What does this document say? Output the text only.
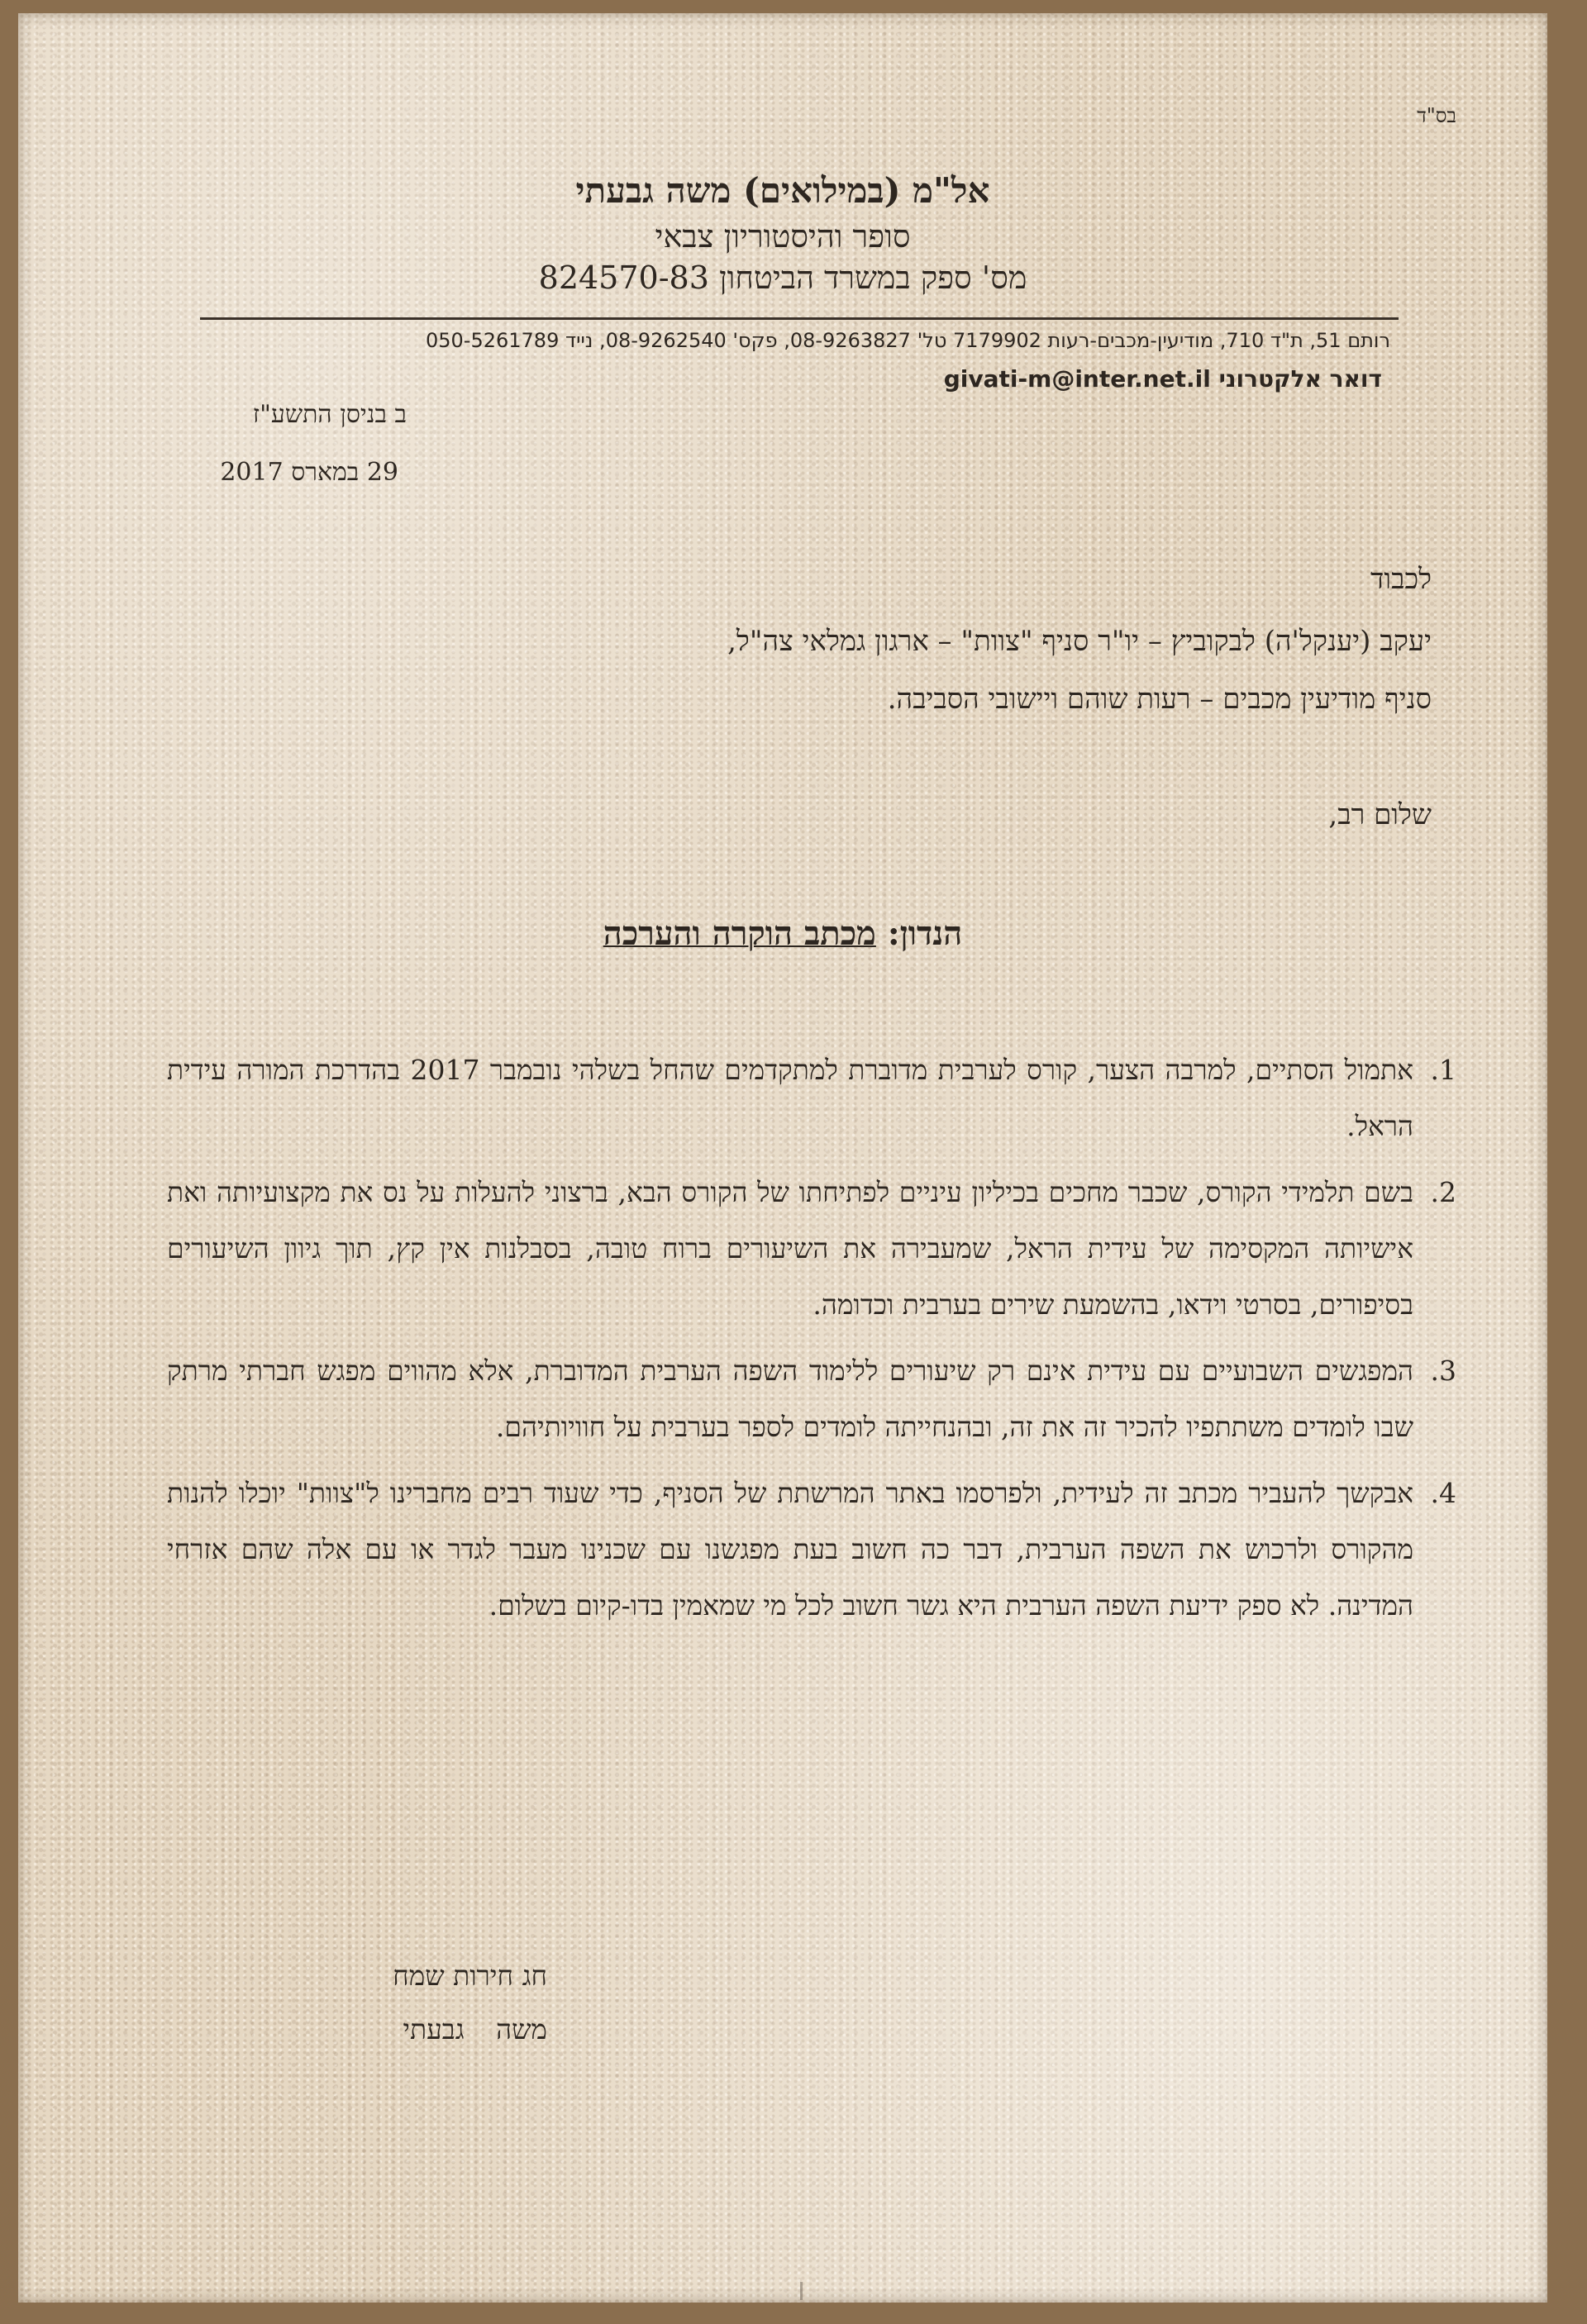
בס"ד
אל"מ (במילואים) משה גבעתי
סופר והיסטוריון צבאי
מס' ספק במשרד הביטחון 824570-83
רותם 51, ת"ד 710, מודיעין-מכבים-רעות 7179902 טל' 08-9263827, פקס' 08-9262540, נייד 050-5261789
דואר אלקטרוני givati-m@inter.net.il
ב בניסן התשע"ז
29 במארס 2017
לכבוד
יעקב (יענקל'ה) לבקוביץ – יו"ר סניף "צוות" – ארגון גמלאי צה"ל,
סניף מודיעין מכבים – רעות שוהם ויישובי הסביבה.
שלום רב,
הנדון: מכתב הוקרה והערכה
1.
אתמול הסתיים, למרבה הצער, קורס לערבית מדוברת למתקדמים שהחל בשלהי נובמבר 2017 בהדרכת המורה עידית הראל.
2.
בשם תלמידי הקורס, שכבר מחכים בכיליון עיניים לפתיחתו של הקורס הבא, ברצוני להעלות על נס את מקצועיותה ואת אישיותה המקסימה של עידית הראל, שמעבירה את השיעורים ברוח טובה, בסבלנות אין קץ, תוך גיוון השיעורים בסיפורים, בסרטי וידאו, בהשמעת שירים בערבית וכדומה.
3.
המפגשים השבועיים עם עידית אינם רק שיעורים ללימוד השפה הערבית המדוברת, אלא מהווים מפגש חברתי מרתק שבו לומדים משתתפיו להכיר זה את זה, ובהנחייתה לומדים לספר בערבית על חוויותיהם.
4.
אבקשך להעביר מכתב זה לעידית, ולפרסמו באתר המרשתת של הסניף, כדי שעוד רבים מחברינו ל"צוות" יוכלו להנות מהקורס ולרכוש את השפה הערבית, דבר כה חשוב בעת מפגשנו עם שכנינו מעבר לגדר או עם אלה שהם אזרחי המדינה. לא ספק ידיעת השפה הערבית היא גשר חשוב לכל מי שמאמין בדו-קיום בשלום.
חג חירות שמח
משה גבעתי
